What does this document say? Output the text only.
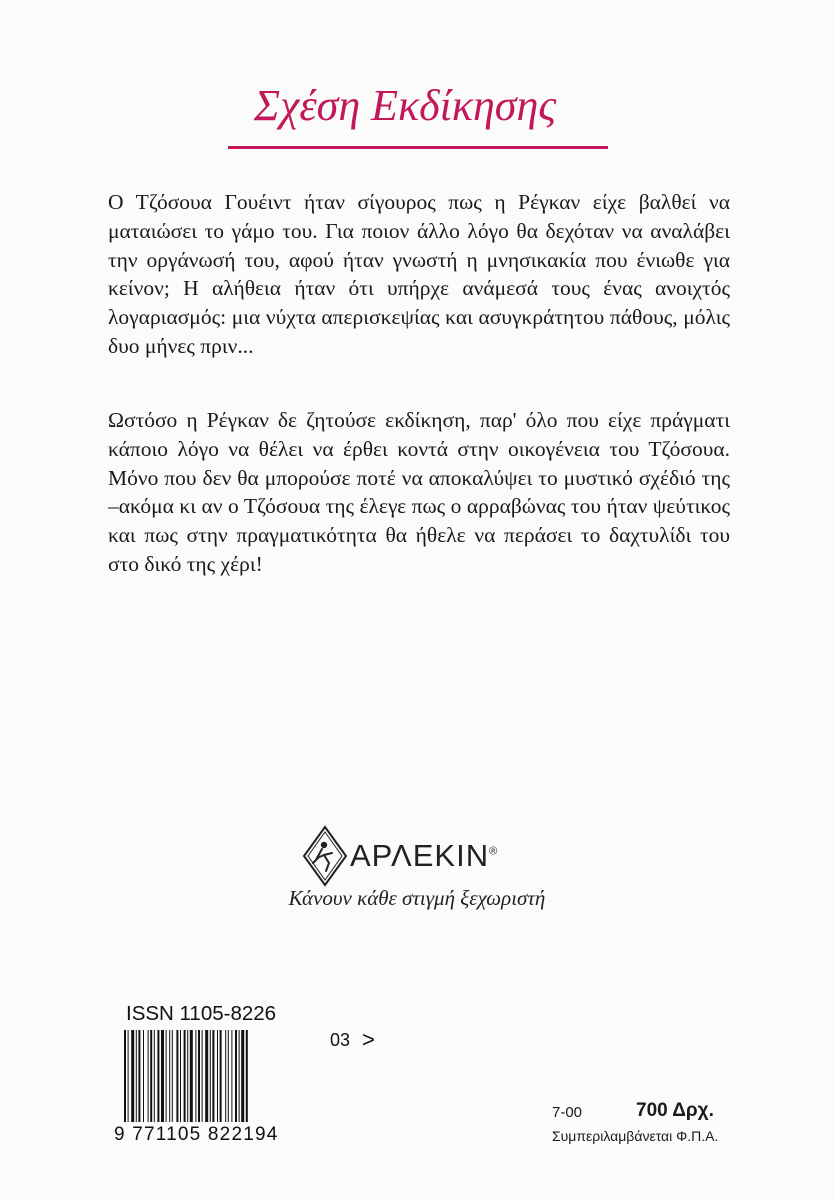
Σχέση Εκδίκησης

Ο Τζόσουα Γουέιντ ήταν σίγουρος πως η Ρέγκαν είχε βαλθεί να ματαιώσει το γάμο του. Για ποιον άλλο λόγο θα δεχόταν να αναλάβει την οργάνωσή του, αφού ήταν γνωστή η μνησικακία που ένιωθε για κείνον; Η αλήθεια ήταν ότι υπήρχε ανάμεσά τους ένας ανοιχτός λογαριασμός: μια νύχτα απερισκεψίας και ασυγκράτητου πάθους, μόλις δυο μήνες πριν...

Ωστόσο η Ρέγκαν δε ζητούσε εκδίκηση, παρ' όλο που είχε πράγματι κάποιο λόγο να θέλει να έρθει κοντά στην οικογένεια του Τζόσουα. Μόνο που δεν θα μπορούσε ποτέ να αποκαλύψει το μυστικό σχέδιό της –ακόμα κι αν ο Τζόσουα της έλεγε πως ο αρραβώνας του ήταν ψεύτικος και πως στην πραγματικότητα θα ήθελε να περάσει το δαχτυλίδι του στο δικό της χέρι!

ΑΡΛΕΚΙΝ®
Κάνουν κάθε στιγμή ξεχωριστή
ISSN 1105-8226
03 >
9 771105 822194
7-00	700 Δρχ.
Συμπεριλαμβάνεται Φ.Π.Α.
